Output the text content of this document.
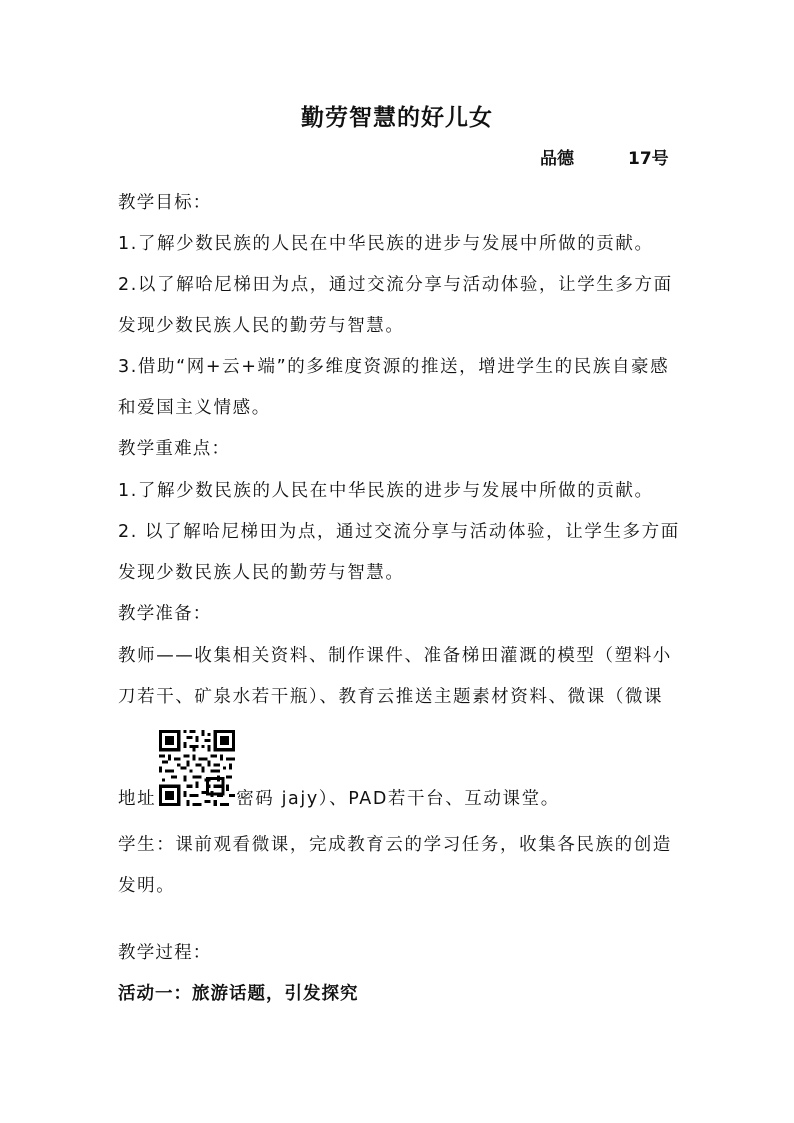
勤劳智慧的好儿女
品德	17号
教学目标：
1.了解少数民族的人民在中华民族的进步与发展中所做的贡献。
2.以了解哈尼梯田为点，通过交流分享与活动体验，让学生多方面
发现少数民族人民的勤劳与智慧。
3.借助“网+云+端”的多维度资源的推送，增进学生的民族自豪感
和爱国主义情感。
教学重难点：
1.了解少数民族的人民在中华民族的进步与发展中所做的贡献。
2. 以了解哈尼梯田为点，通过交流分享与活动体验，让学生多方面
发现少数民族人民的勤劳与智慧。
教学准备：
教师——收集相关资料、制作课件、准备梯田灌溉的模型（塑料小
刀若干、矿泉水若干瓶）、教育云推送主题素材资料、微课（微课
地址	密码 jajy）、PAD若干台、互动课堂。
学生：课前观看微课，完成教育云的学习任务，收集各民族的创造
发明。
教学过程：
活动一：旅游话题，引发探究
